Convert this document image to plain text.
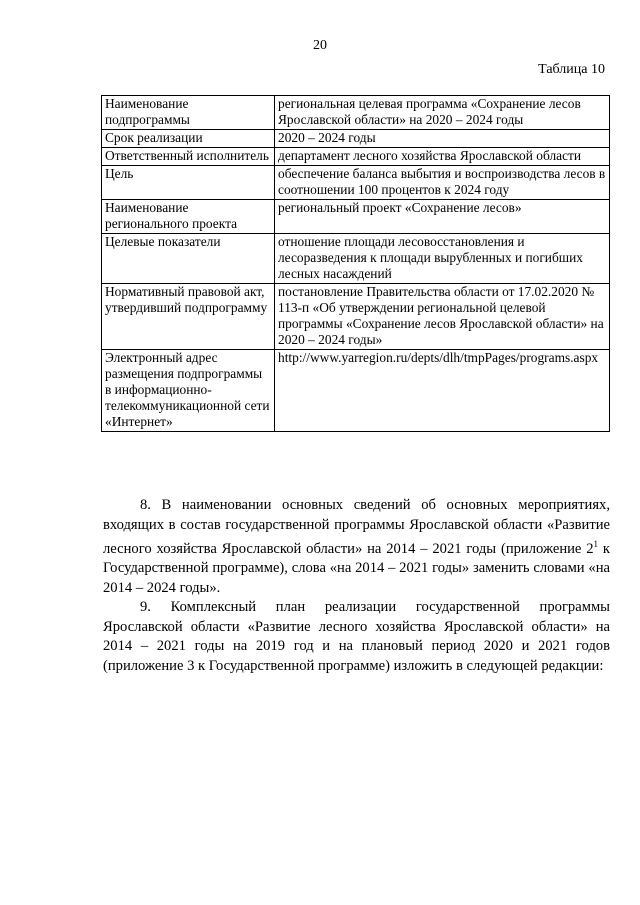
20
Таблица 10
Наименование подпрограммы	региональная целевая программа «Сохранение лесов Ярославской области» на 2020 – 2024 годы
Срок реализации	2020 – 2024 годы
Ответственный исполнитель	департамент лесного хозяйства Ярославской области
Цель	обеспечение баланса выбытия и воспроизводства лесов в соотношении 100 процентов к 2024 году
Наименование регионального проекта	региональный проект «Сохранение лесов»
Целевые показатели	отношение площади лесовосстановления и лесоразведения к площади вырубленных и погибших лесных насаждений
Нормативный правовой акт, утвердивший подпрограмму	постановление Правительства области от 17.02.2020 № 113-п «Об утверждении региональной целевой программы «Сохранение лесов Ярославской области» на 2020 – 2024 годы»
Электронный адрес размещения подпрограммы в информационно-телекоммуникационной сети «Интернет»	http://www.yarregion.ru/depts/dlh/tmpPages/programs.aspx

8. В наименовании основных сведений об основных мероприятиях, входящих в состав государственной программы Ярославской области «Развитие лесного хозяйства Ярославской области» на 2014 – 2021 годы (приложение $2^1$ к Государственной программе), слова «на 2014 – 2021 годы» заменить словами «на 2014 – 2024 годы».

9. Комплексный план реализации государственной программы Ярославской области «Развитие лесного хозяйства Ярославской области» на 2014 – 2021 годы на 2019 год и на плановый период 2020 и 2021 годов (приложение 3 к Государственной программе) изложить в следующей редакции:
